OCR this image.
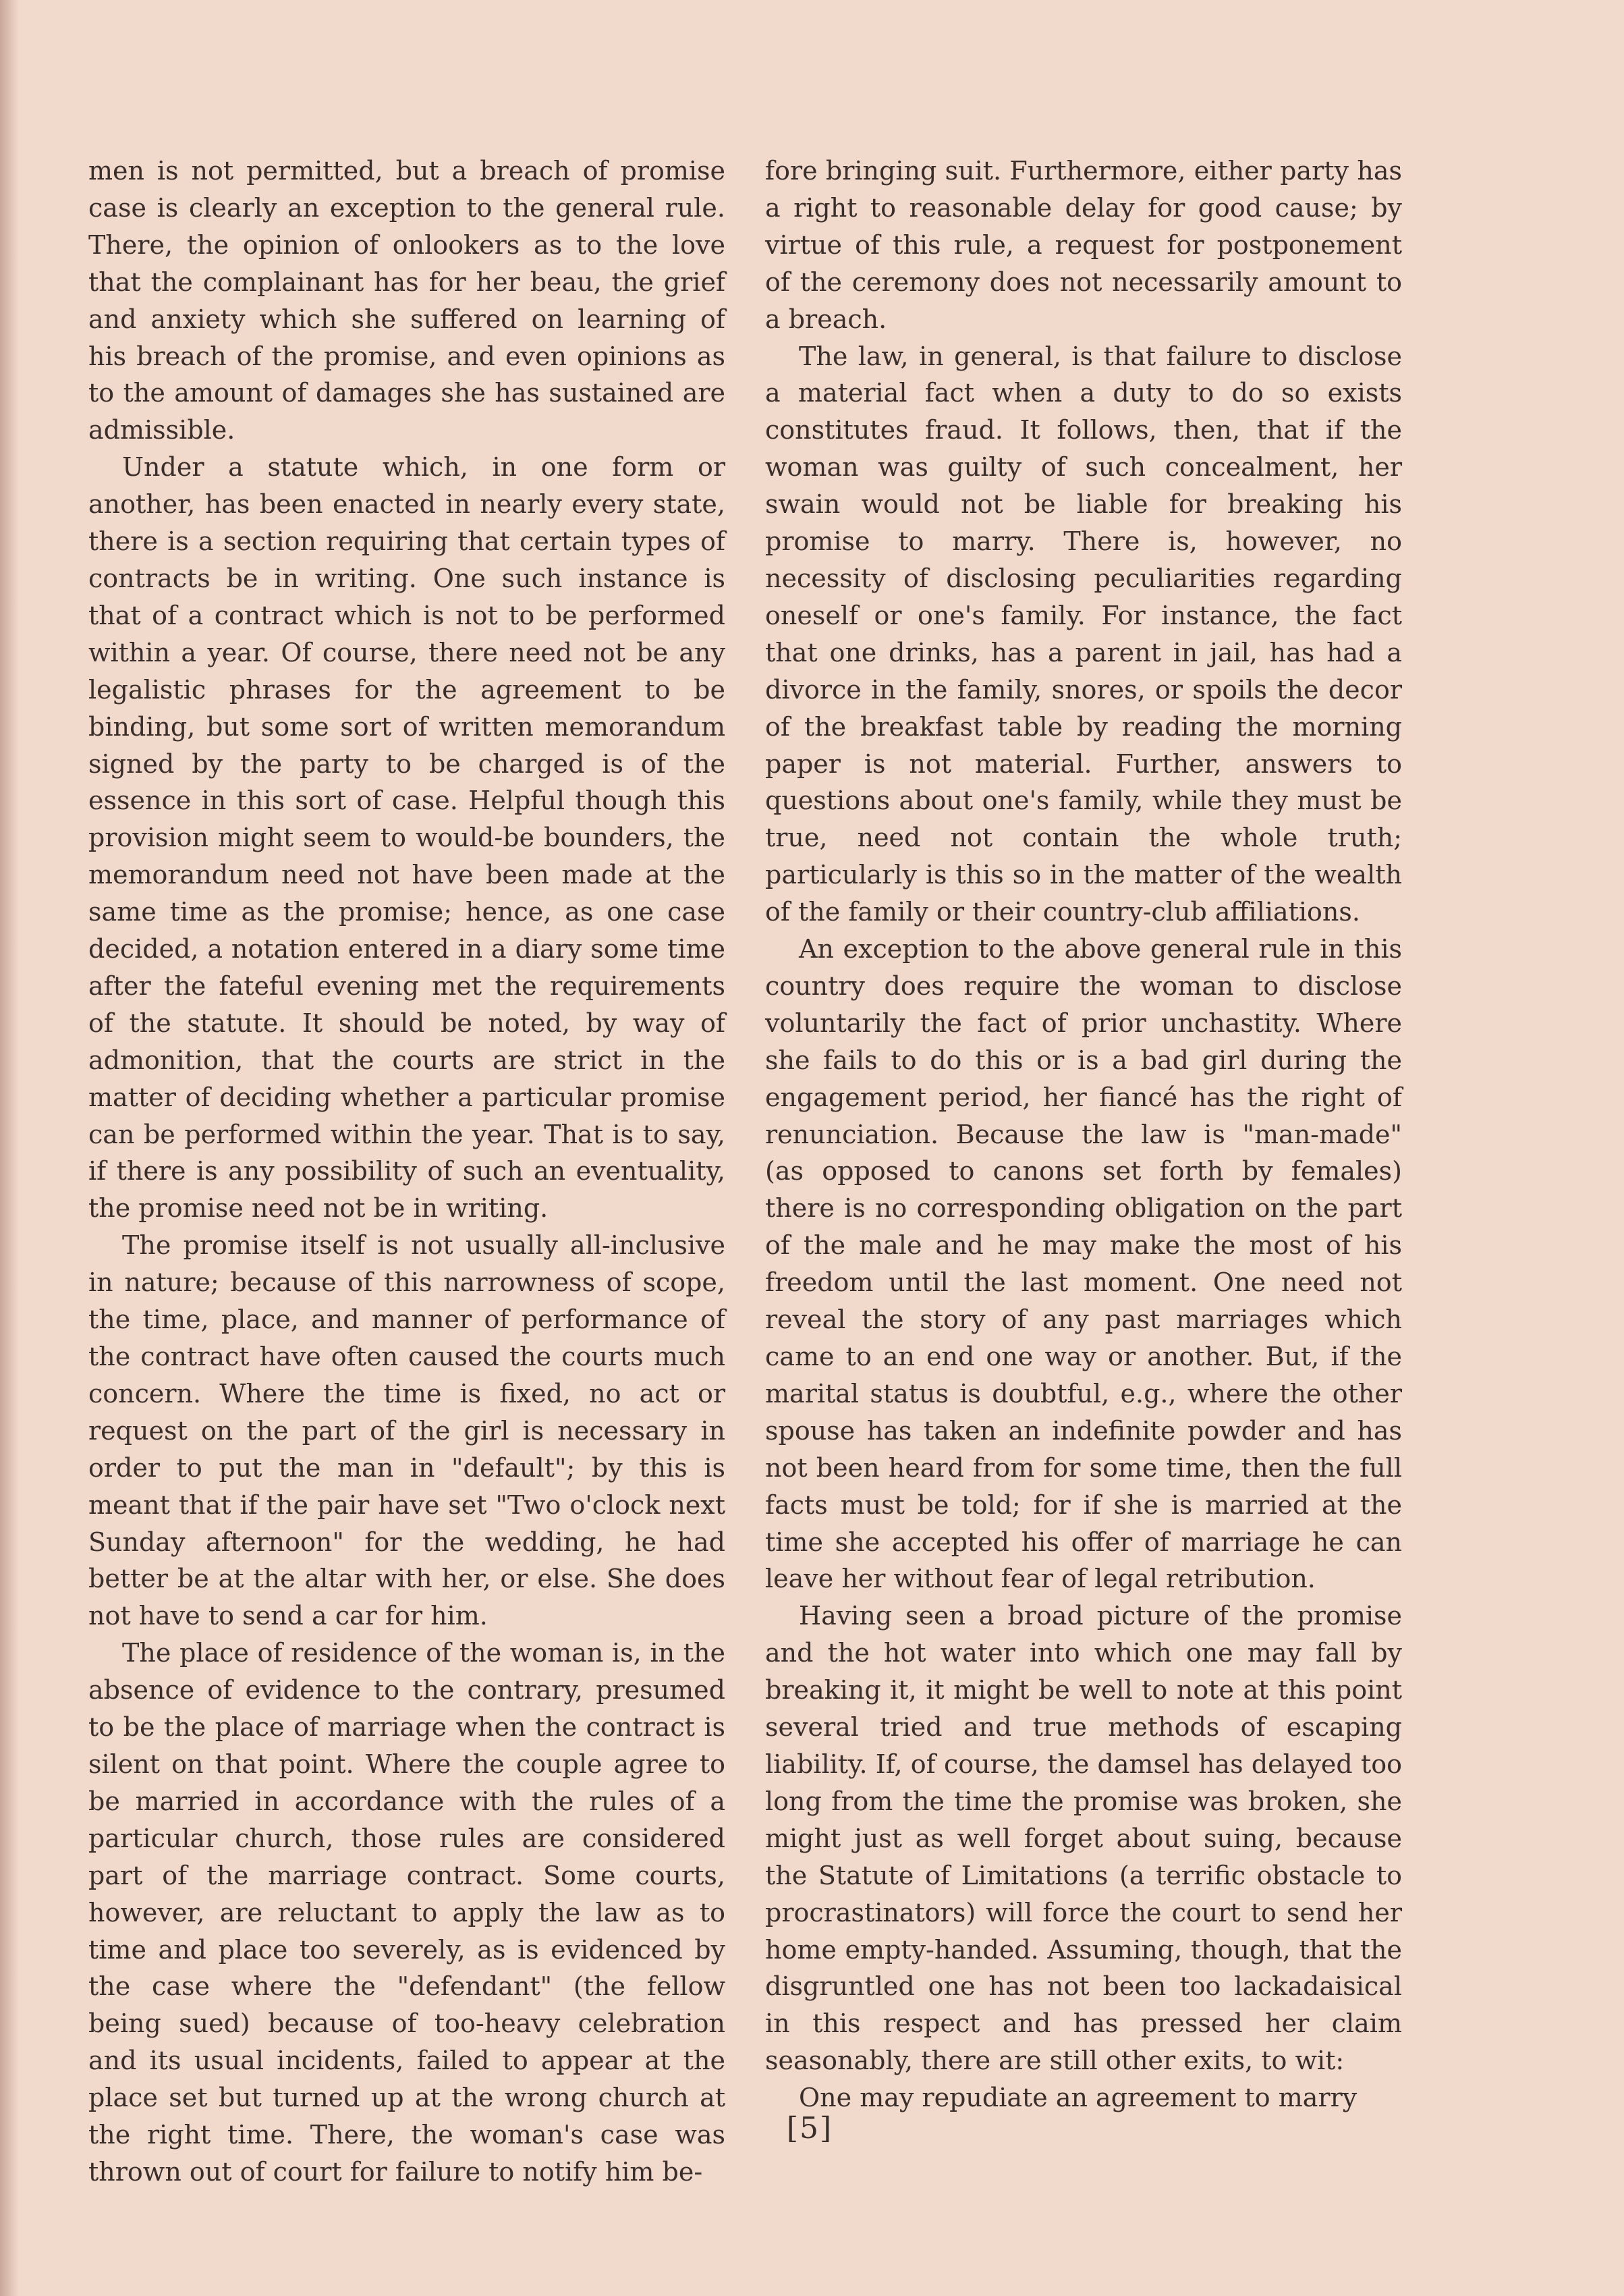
men is not permitted, but a breach of promise case is clearly an exception to the general rule. There, the opinion of onlookers as to the love that the complainant has for her beau, the grief and anxiety which she suffered on learning of his breach of the promise, and even opinions as to the amount of damages she has sustained are admissible.

Under a statute which, in one form or another, has been enacted in nearly every state, there is a section requiring that certain types of contracts be in writing. One such instance is that of a contract which is not to be performed within a year. Of course, there need not be any legalistic phrases for the agreement to be binding, but some sort of written memorandum signed by the party to be charged is of the essence in this sort of case. Helpful though this provision might seem to would-be bounders, the memorandum need not have been made at the same time as the promise; hence, as one case decided, a notation entered in a diary some time after the fateful evening met the requirements of the statute. It should be noted, by way of admonition, that the courts are strict in the matter of deciding whether a particular promise can be performed within the year. That is to say, if there is any possibility of such an eventuality, the promise need not be in writing.

The promise itself is not usually all-inclusive in nature; because of this narrowness of scope, the time, place, and manner of performance of the contract have often caused the courts much concern. Where the time is fixed, no act or request on the part of the girl is necessary in order to put the man in "default"; by this is meant that if the pair have set "Two o'clock next Sunday afternoon" for the wedding, he had better be at the altar with her, or else. She does not have to send a car for him.

The place of residence of the woman is, in the absence of evidence to the contrary, presumed to be the place of marriage when the contract is silent on that point. Where the couple agree to be married in accordance with the rules of a particular church, those rules are considered part of the marriage contract. Some courts, however, are reluctant to apply the law as to time and place too severely, as is evidenced by the case where the "defendant" (the fellow being sued) because of too-heavy celebration and its usual incidents, failed to appear at the place set but turned up at the wrong church at the right time. There, the woman's case was thrown out of court for failure to notify him be-

fore bringing suit. Furthermore, either party has a right to reasonable delay for good cause; by virtue of this rule, a request for postponement of the ceremony does not necessarily amount to a breach.

The law, in general, is that failure to disclose a material fact when a duty to do so exists constitutes fraud. It follows, then, that if the woman was guilty of such concealment, her swain would not be liable for breaking his promise to marry. There is, however, no necessity of disclosing peculiarities regarding oneself or one's family. For instance, the fact that one drinks, has a parent in jail, has had a divorce in the family, snores, or spoils the decor of the breakfast table by reading the morning paper is not material. Further, answers to questions about one's family, while they must be true, need not contain the whole truth; particularly is this so in the matter of the wealth of the family or their country-club affiliations.

An exception to the above general rule in this country does require the woman to disclose voluntarily the fact of prior unchastity. Where she fails to do this or is a bad girl during the engagement period, her fiancé has the right of renunciation. Because the law is "man-made" (as opposed to canons set forth by females) there is no corresponding obligation on the part of the male and he may make the most of his freedom until the last moment. One need not reveal the story of any past marriages which came to an end one way or another. But, if the marital status is doubtful, e.g., where the other spouse has taken an indefinite powder and has not been heard from for some time, then the full facts must be told; for if she is married at the time she accepted his offer of marriage he can leave her without fear of legal retribution.

Having seen a broad picture of the promise and the hot water into which one may fall by breaking it, it might be well to note at this point several tried and true methods of escaping liability. If, of course, the damsel has delayed too long from the time the promise was broken, she might just as well forget about suing, because the Statute of Limitations (a terrific obstacle to procrastinators) will force the court to send her home empty-handed. Assuming, though, that the disgruntled one has not been too lackadaisical in this respect and has pressed her claim seasonably, there are still other exits, to wit:

One may repudiate an agreement to marry

[5]
